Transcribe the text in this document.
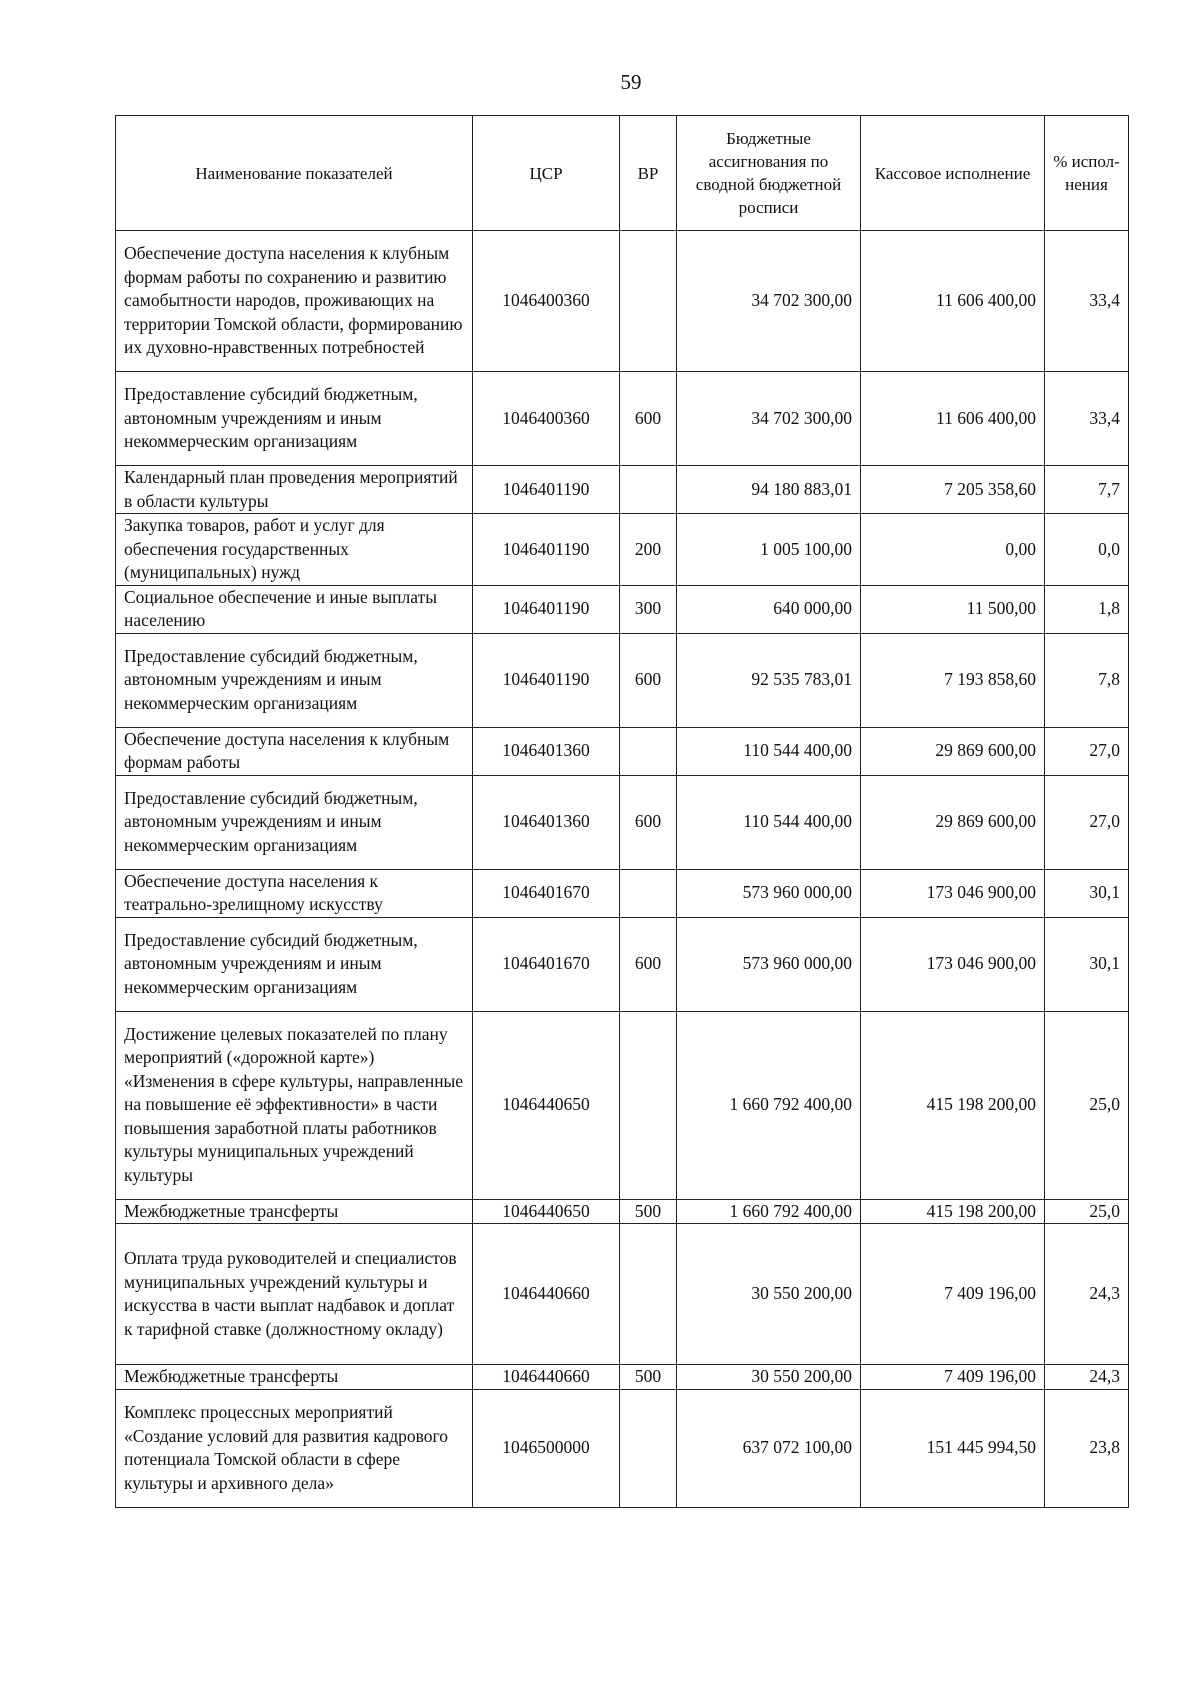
59
Наименование показателей	ЦСР	ВР	Бюджетные ассигнования по сводной бюджетной росписи	Кассовое исполнение	% испол-нения
Обеспечение доступа населения к клубным формам работы по сохранению и развитию самобытности народов, проживающих на территории Томской области, формированию их духовно-нравственных потребностей	1046400360		34 702 300,00	11 606 400,00	33,4
Предоставление субсидий бюджетным, автономным учреждениям и иным некоммерческим организациям	1046400360	600	34 702 300,00	11 606 400,00	33,4
Календарный план проведения мероприятий в области культуры	1046401190		94 180 883,01	7 205 358,60	7,7
Закупка товаров, работ и услуг для обеспечения государственных (муниципальных) нужд	1046401190	200	1 005 100,00	0,00	0,0
Социальное обеспечение и иные выплаты населению	1046401190	300	640 000,00	11 500,00	1,8
Предоставление субсидий бюджетным, автономным учреждениям и иным некоммерческим организациям	1046401190	600	92 535 783,01	7 193 858,60	7,8
Обеспечение доступа населения к клубным формам работы	1046401360		110 544 400,00	29 869 600,00	27,0
Предоставление субсидий бюджетным, автономным учреждениям и иным некоммерческим организациям	1046401360	600	110 544 400,00	29 869 600,00	27,0
Обеспечение доступа населения к театрально-зрелищному искусству	1046401670		573 960 000,00	173 046 900,00	30,1
Предоставление субсидий бюджетным, автономным учреждениям и иным некоммерческим организациям	1046401670	600	573 960 000,00	173 046 900,00	30,1
Достижение целевых показателей по плану мероприятий («дорожной карте») «Изменения в сфере культуры, направленные на повышение её эффективности» в части повышения заработной платы работников культуры муниципальных учреждений культуры	1046440650		1 660 792 400,00	415 198 200,00	25,0
Межбюджетные трансферты	1046440650	500	1 660 792 400,00	415 198 200,00	25,0
Оплата труда руководителей и специалистов муниципальных учреждений культуры и искусства в части выплат надбавок и доплат к тарифной ставке (должностному окладу)	1046440660		30 550 200,00	7 409 196,00	24,3
Межбюджетные трансферты	1046440660	500	30 550 200,00	7 409 196,00	24,3
Комплекс процессных мероприятий «Создание условий для развития кадрового потенциала Томской области в сфере культуры и архивного дела»	1046500000		637 072 100,00	151 445 994,50	23,8
